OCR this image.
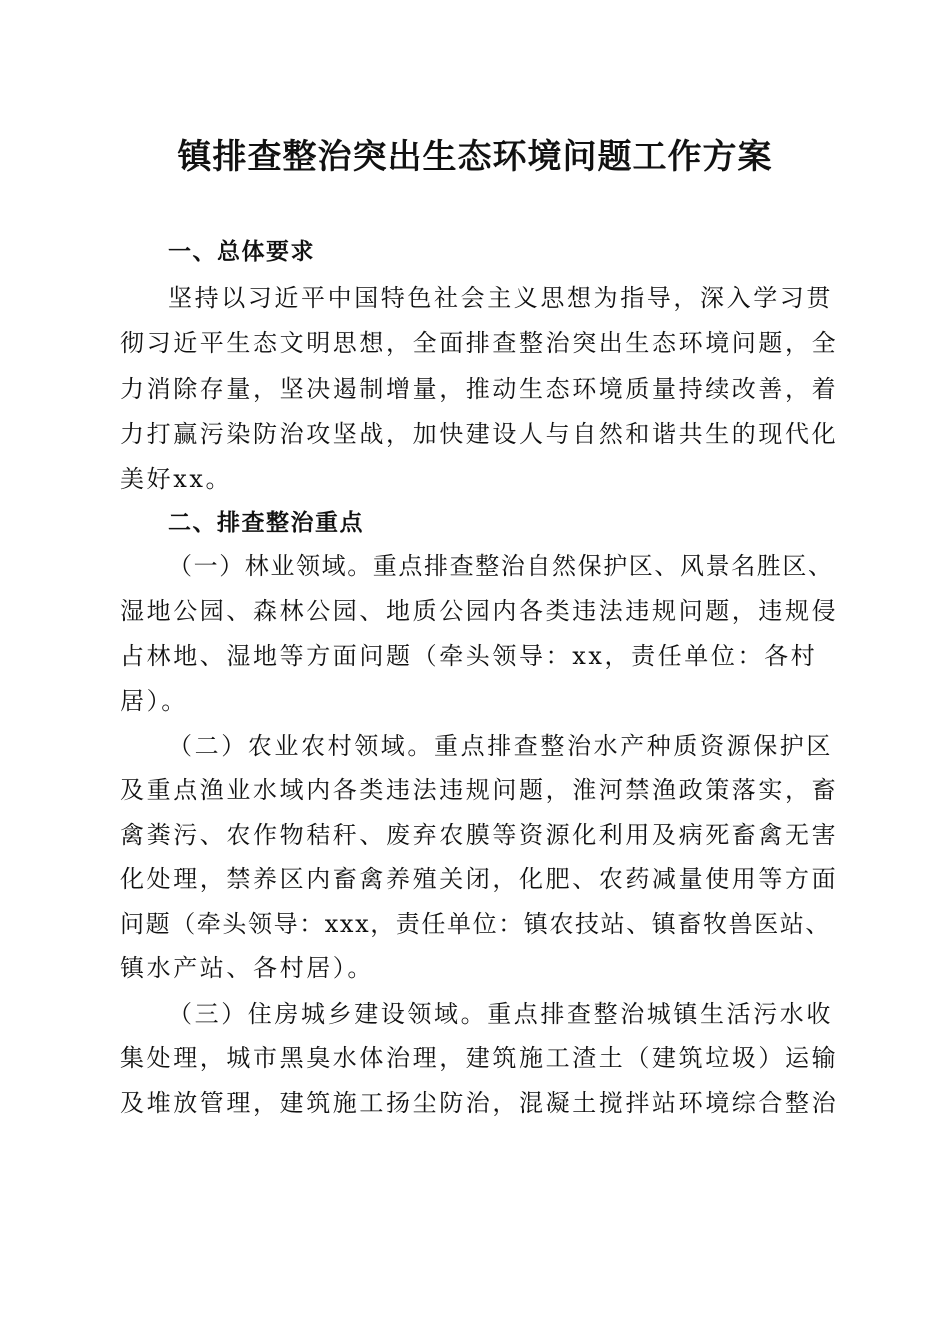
镇排查整治突出生态环境问题工作方案

一、总体要求

坚持以习近平中国特色社会主义思想为指导，深入学习贯

彻习近平生态文明思想，全面排查整治突出生态环境问题，全

力消除存量，坚决遏制增量，推动生态环境质量持续改善，着

力打赢污染防治攻坚战，加快建设人与自然和谐共生的现代化

美好xx。

二、排查整治重点

（一）林业领域。重点排查整治自然保护区、风景名胜区、

湿地公园、森林公园、地质公园内各类违法违规问题，违规侵

占林地、湿地等方面问题（牵头领导：xx，责任单位：各村

居）。

（二）农业农村领域。重点排查整治水产种质资源保护区

及重点渔业水域内各类违法违规问题，淮河禁渔政策落实，畜

禽粪污、农作物秸秆、废弃农膜等资源化利用及病死畜禽无害

化处理，禁养区内畜禽养殖关闭，化肥、农药减量使用等方面

问题（牵头领导：xxx，责任单位：镇农技站、镇畜牧兽医站、

镇水产站、各村居）。

（三）住房城乡建设领域。重点排查整治城镇生活污水收

集处理，城市黑臭水体治理，建筑施工渣土（建筑垃圾）运输

及堆放管理，建筑施工扬尘防治，混凝土搅拌站环境综合整治
